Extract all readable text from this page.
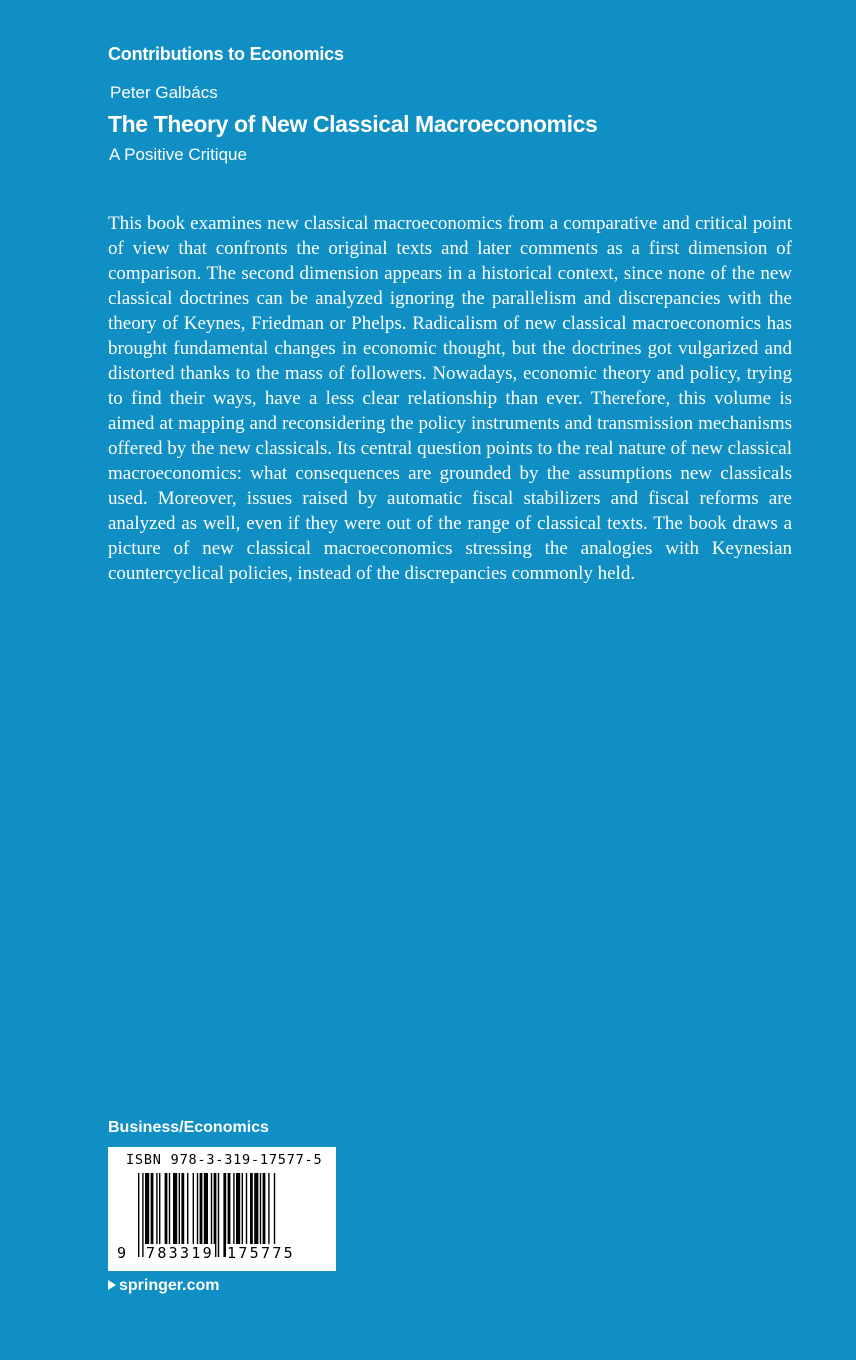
Contributions to Economics
Peter Galbács
The Theory of New Classical Macroeconomics
A Positive Critique

This book examines new classical macroeconomics from a comparative and critical point of view that confronts the original texts and later comments as a first dimension of comparison. The second dimension appears in a historical context, since none of the new classical doctrines can be analyzed ignoring the parallelism and discrepancies with the theory of Keynes, Friedman or Phelps. Radicalism of new classical macroeconomics has brought fundamental changes in economic thought, but the doctrines got vulgarized and distorted thanks to the mass of followers. Nowadays, economic theory and policy, trying to find their ways, have a less clear relationship than ever. Therefore, this volume is aimed at mapping and reconsidering the policy instruments and transmission mechanisms offered by the new classicals. Its central question points to the real nature of new classical macroeconomics: what consequences are grounded by the assumptions new classicals used. Moreover, issues raised by automatic fiscal stabilizers and fiscal reforms are analyzed as well, even if they were out of the range of classical texts. The book draws a picture of new classical macroeconomics stressing the analogies with Keynesian countercyclical policies, instead of the discrepancies commonly held.

Business/Economics
ISBN 978-3-319-17577-5
9 783319 175775
springer.com
